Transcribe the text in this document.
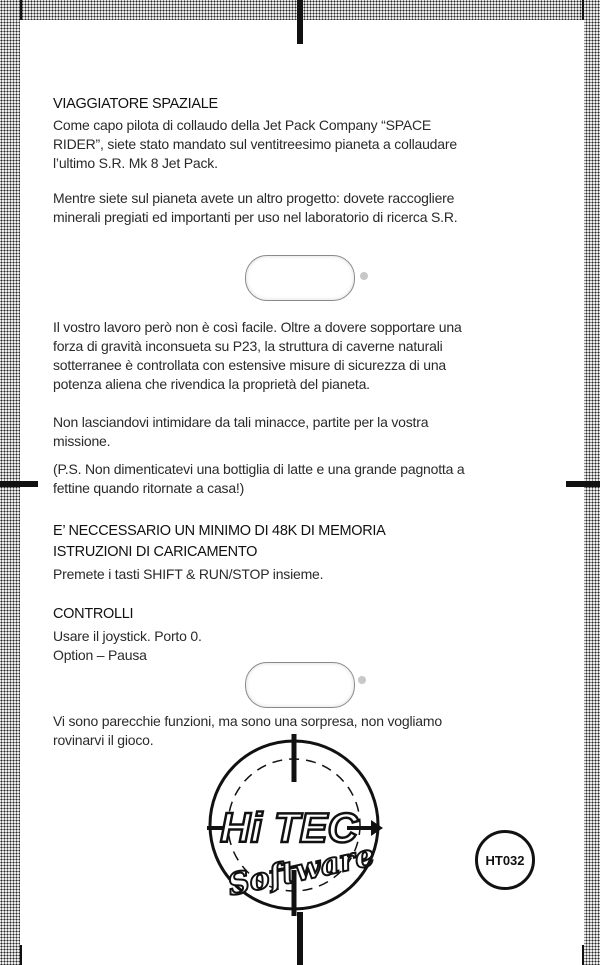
VIAGGIATORE SPAZIALE
Come capo pilota di collaudo della Jet Pack Company “SPACE
RIDER”, siete stato mandato sul ventitreesimo pianeta a collaudare
l’ultimo S.R. Mk 8 Jet Pack.
Mentre siete sul pianeta avete un altro progetto: dovete raccogliere
minerali pregiati ed importanti per uso nel laboratorio di ricerca S.R.
Il vostro lavoro però non è così facile. Oltre a dovere sopportare una
forza di gravità inconsueta su P23, la struttura di caverne naturali
sotterranee è controllata con estensive misure di sicurezza di una
potenza aliena che rivendica la proprietà del pianeta.
Non lasciandovi intimidare da tali minacce, partite per la vostra
missione.
(P.S. Non dimenticatevi una bottiglia di latte e una grande pagnotta a
fettine quando ritornate a casa!)
E’ NECCESSARIO UN MINIMO DI 48K DI MEMORIA
ISTRUZIONI DI CARICAMENTO
Premete i tasti SHIFT & RUN/STOP insieme.
CONTROLLI
Usare il joystick. Porto 0.
Option – Pausa
Vi sono parecchie funzioni, ma sono una sorpresa, non vogliamo
rovinarvi il gioco.
Hi TEC
Software	HT032
